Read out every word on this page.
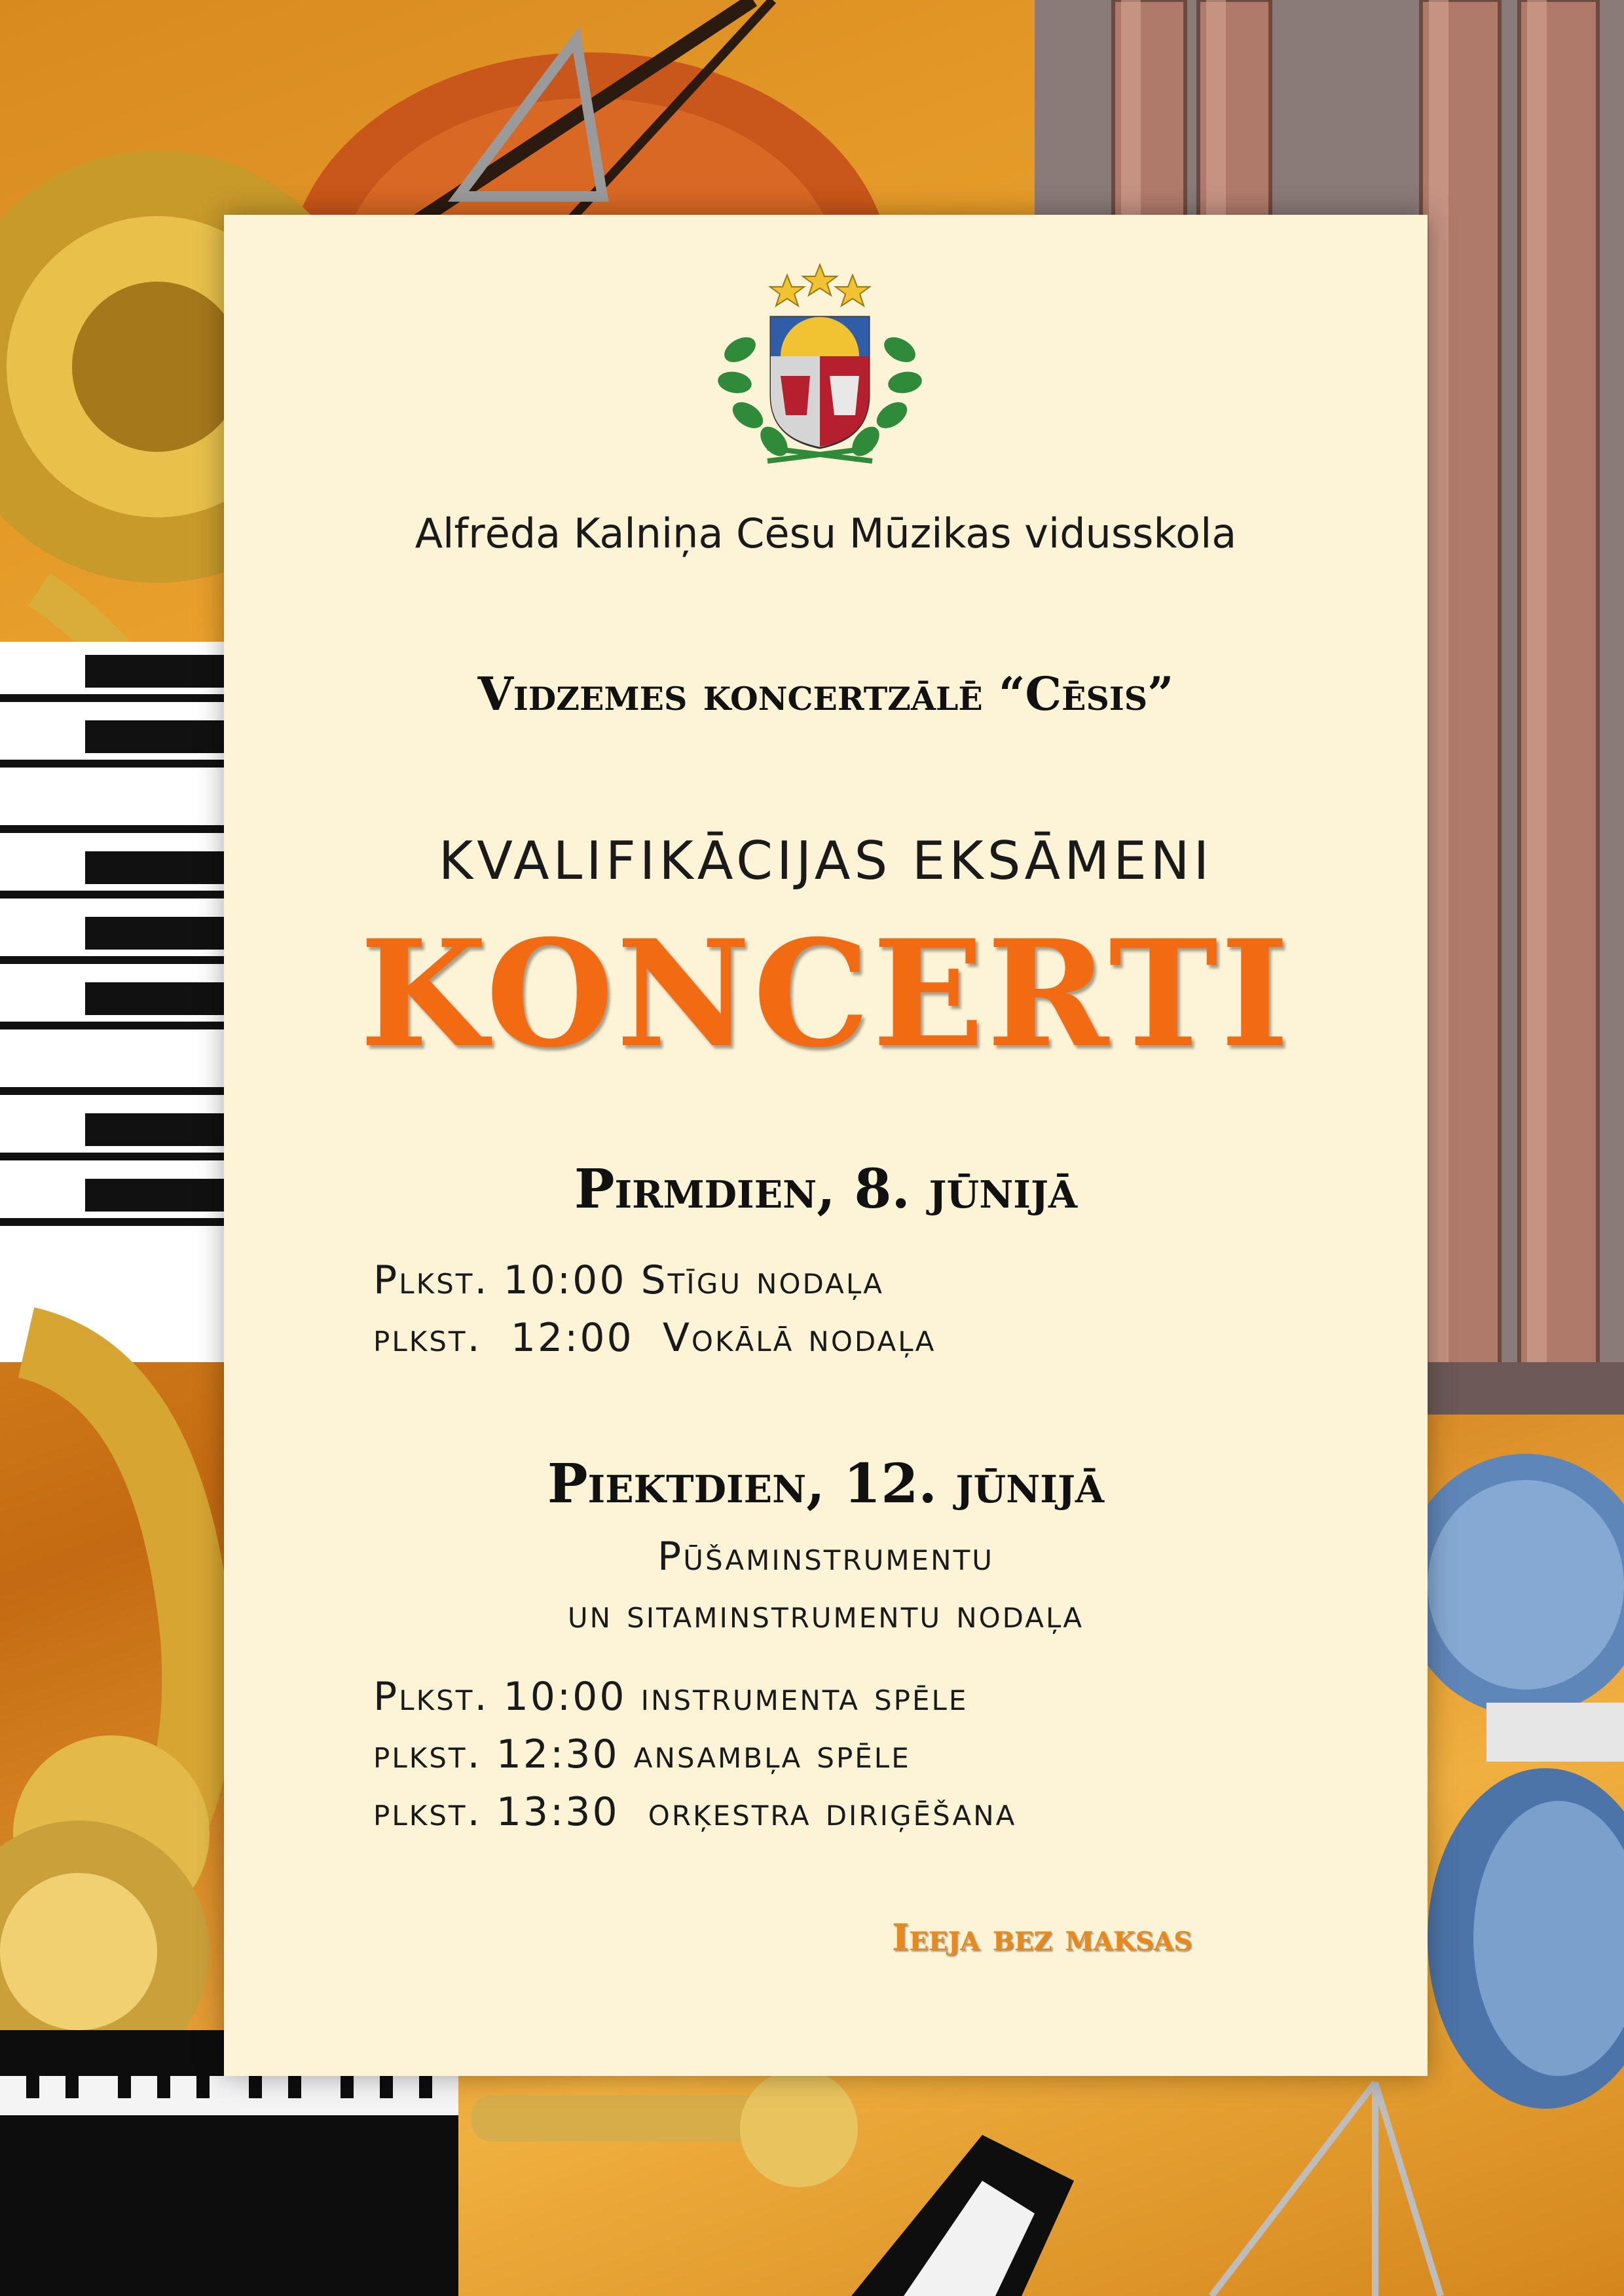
Alfrēda Kalniņa Cēsu Mūzikas vidusskola
Vidzemes koncertzālē “Cēsis”
KVALIFIKĀCIJAS EKSĀMENI
KONCERTI
Pirmdien, 8. jūnijā
Plkst. 10:00 Stīgu nodaļa
plkst.  12:00  Vokālā nodaļa
Piektdien, 12. jūnijā
Pūšaminstrumentu
un sitaminstrumentu nodaļa
Plkst. 10:00 instrumenta spēle
plkst. 12:30 ansambļa spēle
plkst. 13:30  orķestra diriģēšana
Ieeja bez maksas
